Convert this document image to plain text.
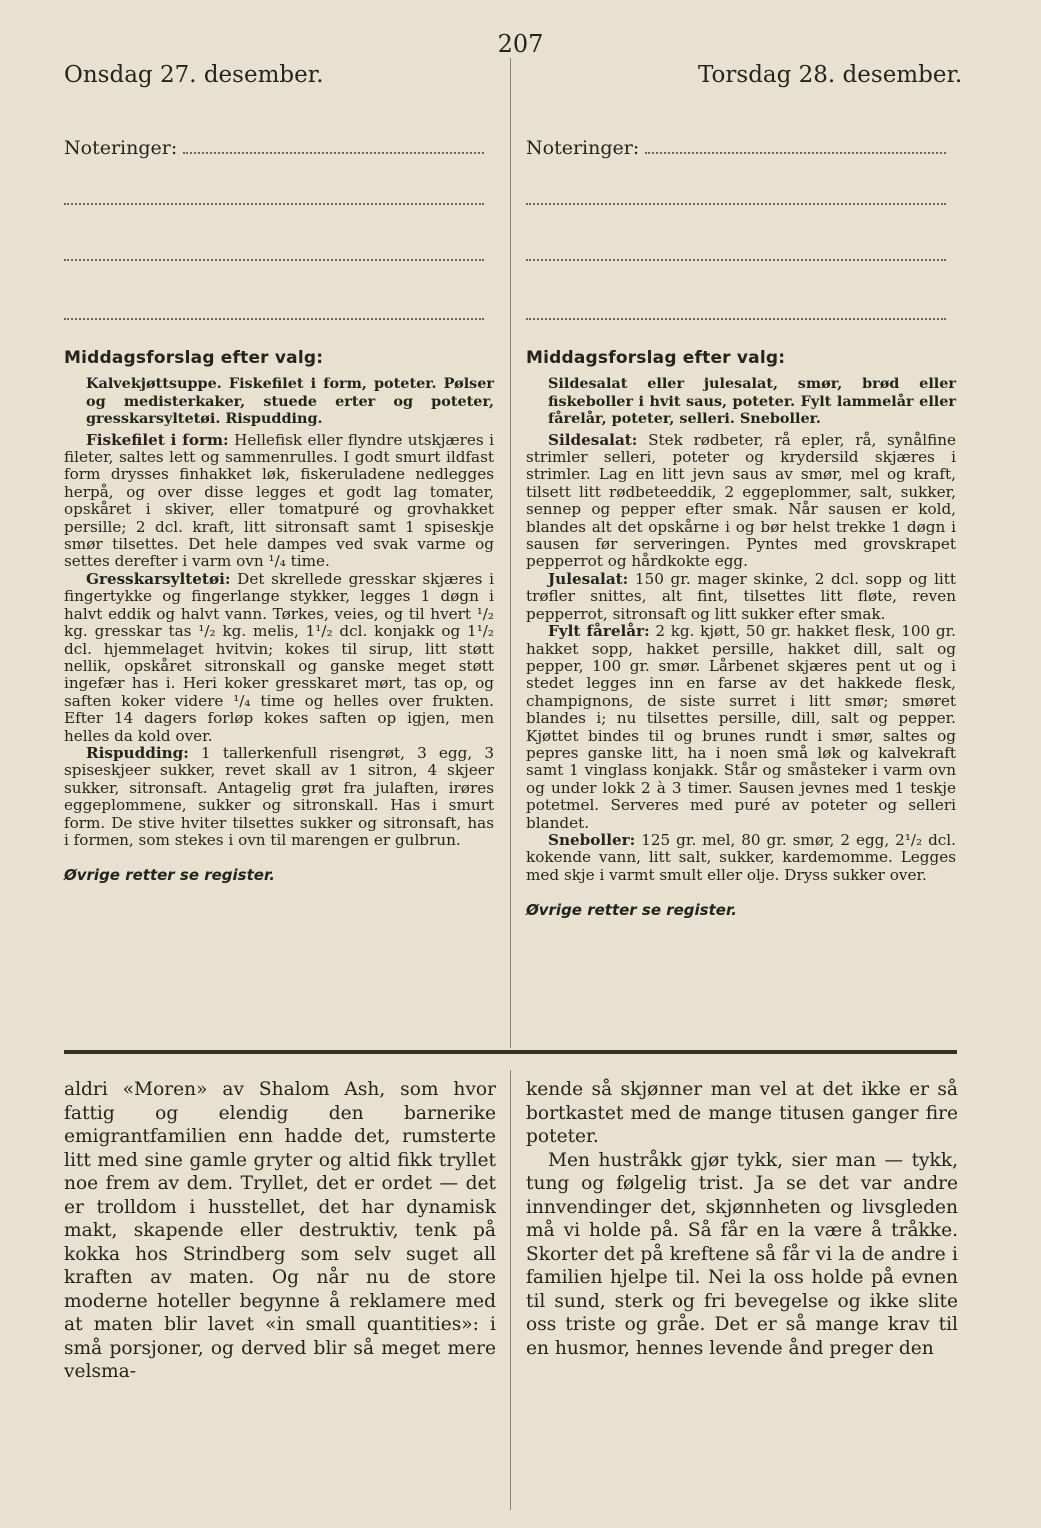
207
Onsdag 27. desember.	Torsdag 28. desember.
Noteringer:	Noteringer:
Middagsforslag efter valg:

Kalvekjøttsuppe. Fiskefilet i form, poteter. Pølser og medisterkaker, stuede erter og poteter, gresskarsyltetøi. Rispudding.

Fiskefilet i form: Hellefisk eller flyndre utskjæres i fileter, saltes lett og sammenrulles. I godt smurt ildfast form drysses finhakket løk, fiskeruladene nedlegges herpå, og over disse legges et godt lag tomater, opskåret i skiver, eller tomatpuré og grovhakket persille; 2 dcl. kraft, litt sitronsaft samt 1 spiseskje smør tilsettes. Det hele dampes ved svak varme og settes derefter i varm ovn ¹/₄ time.

Gresskarsyltetøi: Det skrellede gresskar skjæres i fingertykke og fingerlange stykker, legges 1 døgn i halvt eddik og halvt vann. Tørkes, veies, og til hvert ¹/₂ kg. gresskar tas ¹/₂ kg. melis, 1¹/₂ dcl. konjakk og 1¹/₂ dcl. hjemmelaget hvitvin; kokes til sirup, litt støtt nellik, opskåret sitronskall og ganske meget støtt ingefær has i. Heri koker gresskaret mørt, tas op, og saften koker videre ¹/₄ time og helles over frukten. Efter 14 dagers forløp kokes saften op igjen, men helles da kold over.

Rispudding: 1 tallerkenfull risengrøt, 3 egg, 3 spiseskjeer sukker, revet skall av 1 sitron, 4 skjeer sukker, sitronsaft. Antagelig grøt fra julaften, irøres eggeplommene, sukker og sitronskall. Has i smurt form. De stive hviter tilsettes sukker og sitronsaft, has i formen, som stekes i ovn til marengen er gulbrun.

Øvrige retter se register.

Middagsforslag efter valg:

Sildesalat eller julesalat, smør, brød eller fiskeboller i hvit saus, poteter. Fylt lammelår eller fårelår, poteter, selleri. Sneboller.

Sildesalat: Stek rødbeter, rå epler, rå, synålfine strimler selleri, poteter og krydersild skjæres i strimler. Lag en litt jevn saus av smør, mel og kraft, tilsett litt rødbeteeddik, 2 eggeplommer, salt, sukker, sennep og pepper efter smak. Når sausen er kold, blandes alt det opskårne i og bør helst trekke 1 døgn i sausen før serveringen. Pyntes med grovskrapet pepperrot og hårdkokte egg.

Julesalat: 150 gr. mager skinke, 2 dcl. sopp og litt trøfler snittes, alt fint, tilsettes litt fløte, reven pepperrot, sitronsaft og litt sukker efter smak.

Fylt fårelår: 2 kg. kjøtt, 50 gr. hakket flesk, 100 gr. hakket sopp, hakket persille, hakket dill, salt og pepper, 100 gr. smør. Lårbenet skjæres pent ut og i stedet legges inn en farse av det hakkede flesk, champignons, de siste surret i litt smør; smøret blandes i; nu tilsettes persille, dill, salt og pepper. Kjøttet bindes til og brunes rundt i smør, saltes og pepres ganske litt, ha i noen små løk og kalvekraft samt 1 vinglass konjakk. Står og småsteker i varm ovn og under lokk 2 à 3 timer. Sausen jevnes med 1 teskje potetmel. Serveres med puré av poteter og selleri blandet.

Sneboller: 125 gr. mel, 80 gr. smør, 2 egg, 2¹/₂ dcl. kokende vann, litt salt, sukker, kardemomme. Legges med skje i varmt smult eller olje. Dryss sukker over.

Øvrige retter se register.

aldri «Moren» av Shalom Ash, som hvor fattig og elendig den barnerike emigrantfamilien enn hadde det, rumsterte litt med sine gamle gryter og altid fikk tryllet noe frem av dem. Tryllet, det er ordet — det er trolldom i husstellet, det har dynamisk makt, skapende eller destruktiv, tenk på kokka hos Strindberg som selv suget all kraften av maten. Og når nu de store moderne hoteller begynne å reklamere med at maten blir lavet «in small quantities»: i små porsjoner, og derved blir så meget mere velsma-

kende så skjønner man vel at det ikke er så bortkastet med de mange titusen ganger fire poteter.

Men hustråkk gjør tykk, sier man — tykk, tung og følgelig trist. Ja se det var andre innvendinger det, skjønnheten og livsgleden må vi holde på. Så får en la være å tråkke. Skorter det på kreftene så får vi la de andre i familien hjelpe til. Nei la oss holde på evnen til sund, sterk og fri bevegelse og ikke slite oss triste og gråe. Det er så mange krav til en husmor, hennes levende ånd preger den
